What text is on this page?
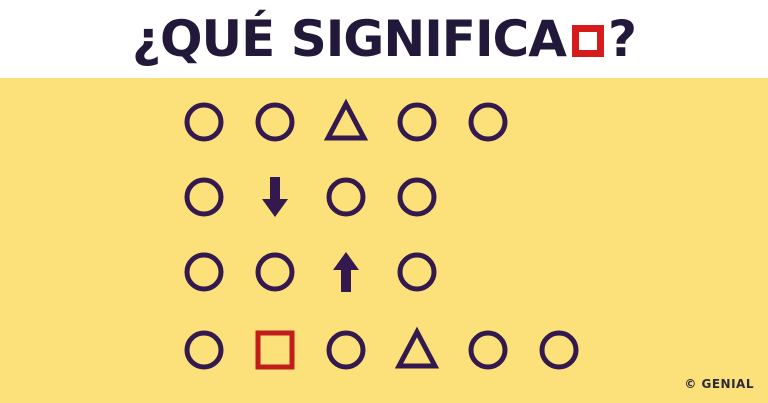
¿QUÉ SIGNIFICA ?
© GENIAL
